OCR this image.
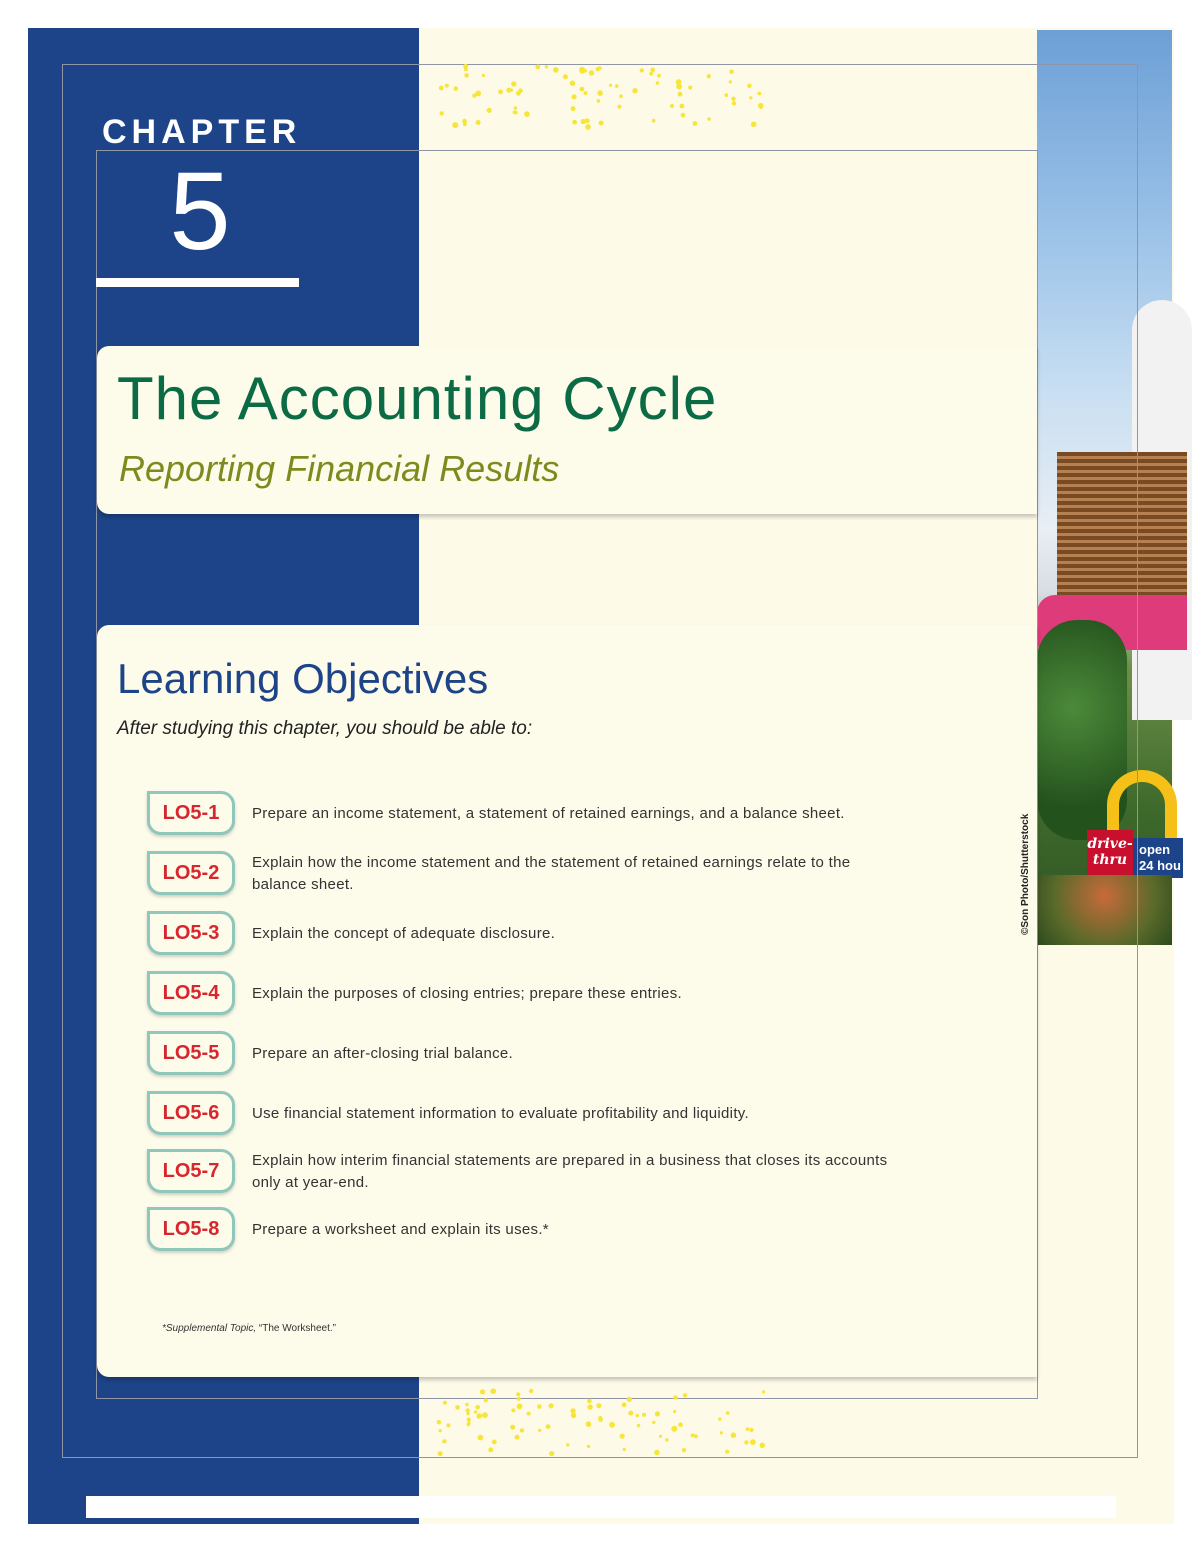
drive-thru
open 24 hou
CHAPTER
5
The Accounting Cycle
Reporting Financial Results
Learning Objectives
After studying this chapter, you should be able to:
LO5-1	Prepare an income statement, a statement of retained earnings, and a balance sheet.
LO5-2	Explain how the income statement and the statement of retained earnings relate to the balance sheet.
LO5-3	Explain the concept of adequate disclosure.
LO5-4	Explain the purposes of closing entries; prepare these entries.
LO5-5	Prepare an after-closing trial balance.
LO5-6	Use financial statement information to evaluate profitability and liquidity.
LO5-7	Explain how interim financial statements are prepared in a business that closes its accounts only at year-end.
LO5-8	Prepare a worksheet and explain its uses.*
*Supplemental Topic, “The Worksheet.”
©Son Photo/Shutterstock
